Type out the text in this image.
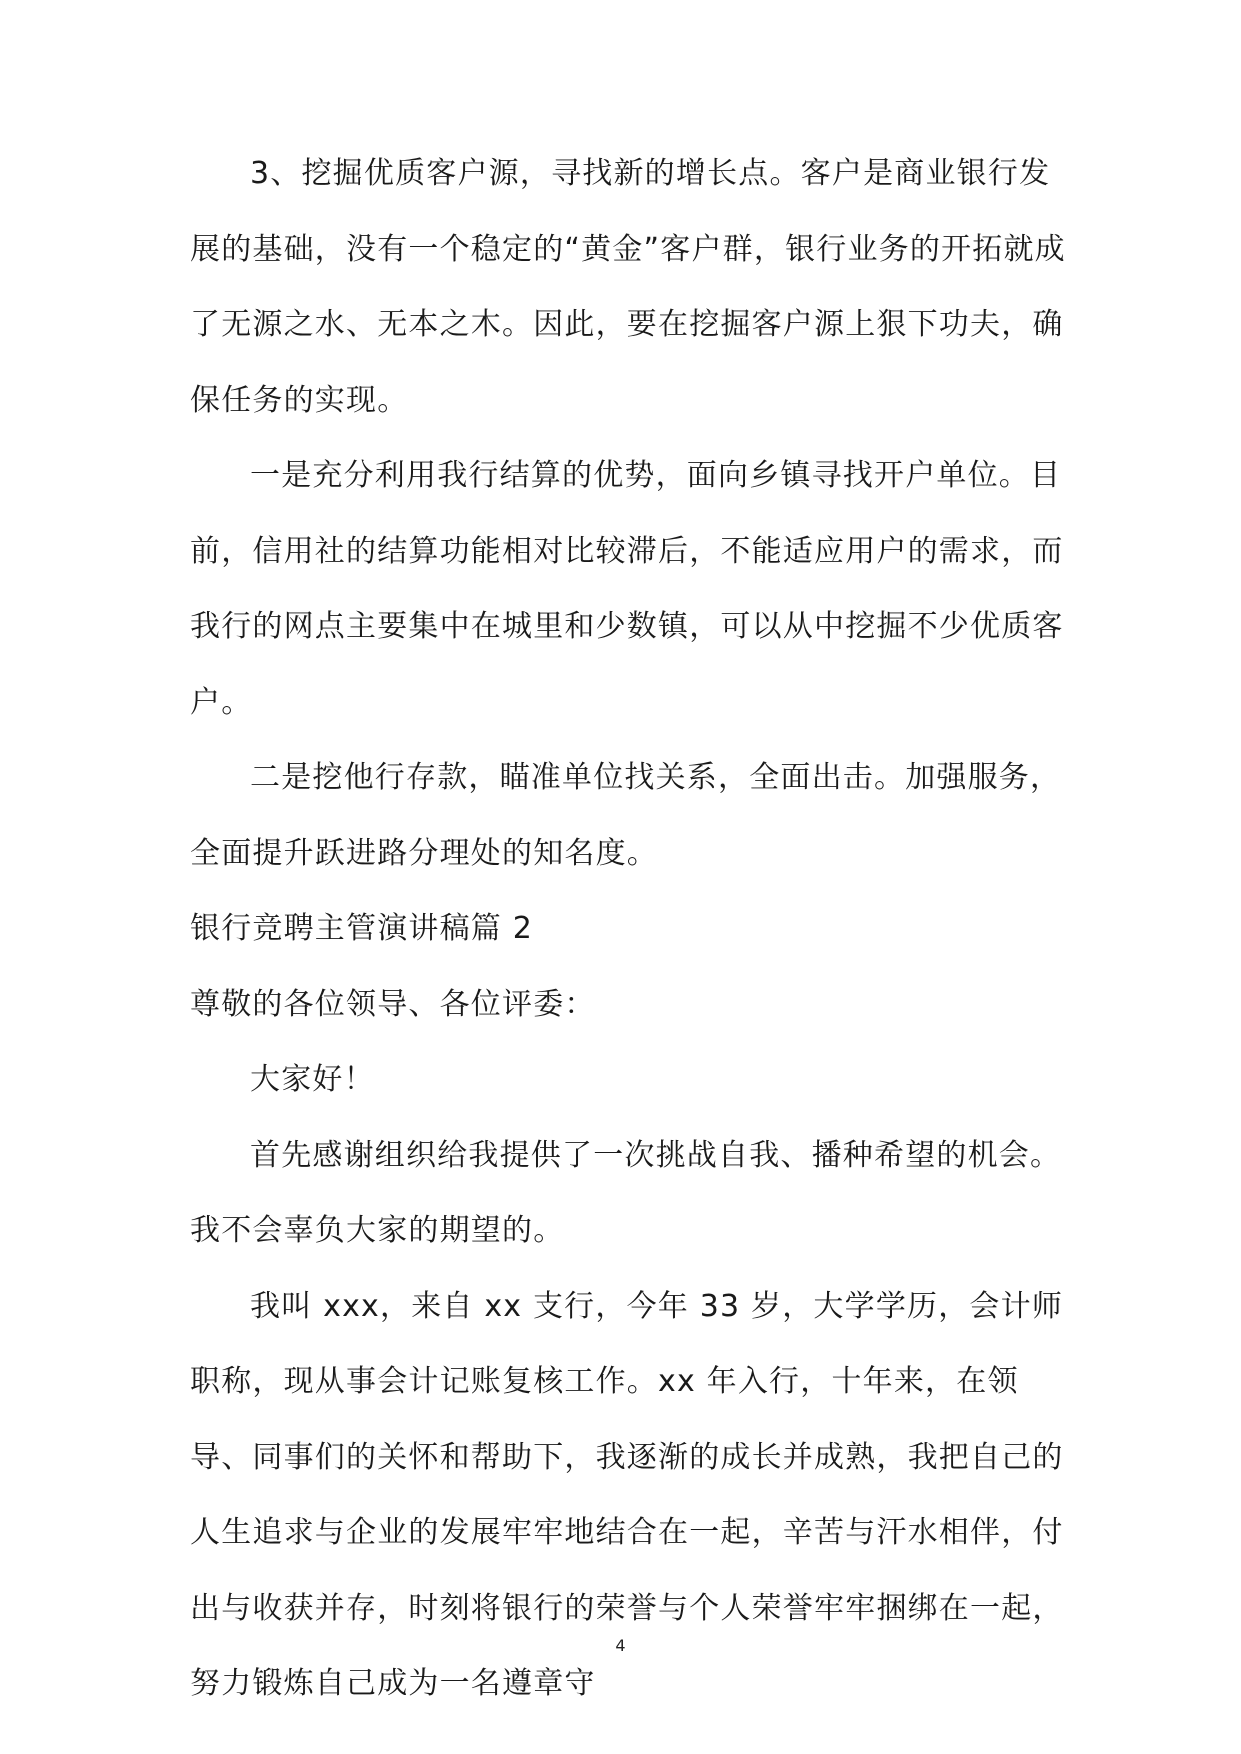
3、挖掘优质客户源，寻找新的增长点。客户是商业银行发展的基础，没有一个稳定的“黄金”客户群，银行业务的开拓就成了无源之水、无本之木。因此，要在挖掘客户源上狠下功夫，确保任务的实现。

一是充分利用我行结算的优势，面向乡镇寻找开户单位。目前，信用社的结算功能相对比较滞后，不能适应用户的需求，而我行的网点主要集中在城里和少数镇，可以从中挖掘不少优质客户。

二是挖他行存款，瞄准单位找关系，全面出击。加强服务，全面提升跃进路分理处的知名度。

银行竞聘主管演讲稿篇 2

尊敬的各位领导、各位评委：

大家好！

首先感谢组织给我提供了一次挑战自我、播种希望的机会。我不会辜负大家的期望的。

我叫 xxx，来自 xx 支行，今年 33 岁，大学学历，会计师职称，现从事会计记账复核工作。xx 年入行，十年来，在领导、同事们的关怀和帮助下，我逐渐的成长并成熟，我把自己的人生追求与企业的发展牢牢地结合在一起，辛苦与汗水相伴，付出与收获并存，时刻将银行的荣誉与个人荣誉牢牢捆绑在一起，努力锻炼自己成为一名遵章守

4
